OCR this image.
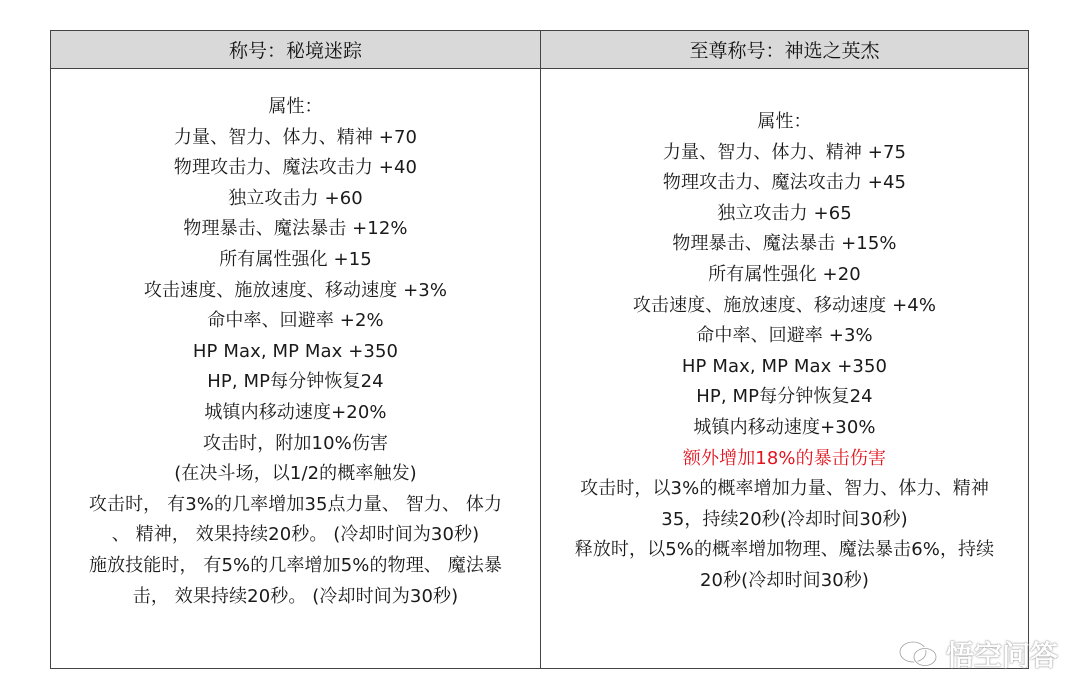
称号：秘境迷踪
属性：
力量、智力、体力、精神 +70
物理攻击力、魔法攻击力 +40
独立攻击力 +60
物理暴击、魔法暴击 +12%
所有属性强化 +15
攻击速度、施放速度、移动速度 +3%
命中率、回避率 +2%
HP Max, MP Max +350
HP, MP每分钟恢复24
城镇内移动速度+20%
攻击时，附加10%伤害
(在决斗场，以1/2的概率触发)
攻击时， 有3%的几率增加35点力量、 智力、 体力
、 精神， 效果持续20秒。 (冷却时间为30秒)
施放技能时， 有5%的几率增加5%的物理、 魔法暴
击， 效果持续20秒。 (冷却时间为30秒)
至尊称号：神选之英杰
属性：
力量、智力、体力、精神 +75
物理攻击力、魔法攻击力 +45
独立攻击力 +65
物理暴击、魔法暴击 +15%
所有属性强化 +20
攻击速度、施放速度、移动速度 +4%
命中率、回避率 +3%
HP Max, MP Max +350
HP, MP每分钟恢复24
城镇内移动速度+30%
额外增加18%的暴击伤害
攻击时，以3%的概率增加力量、智力、体力、精神
35，持续20秒(冷却时间30秒)
释放时，以5%的概率增加物理、魔法暴击6%，持续
20秒(冷却时间30秒)
悟空问答
